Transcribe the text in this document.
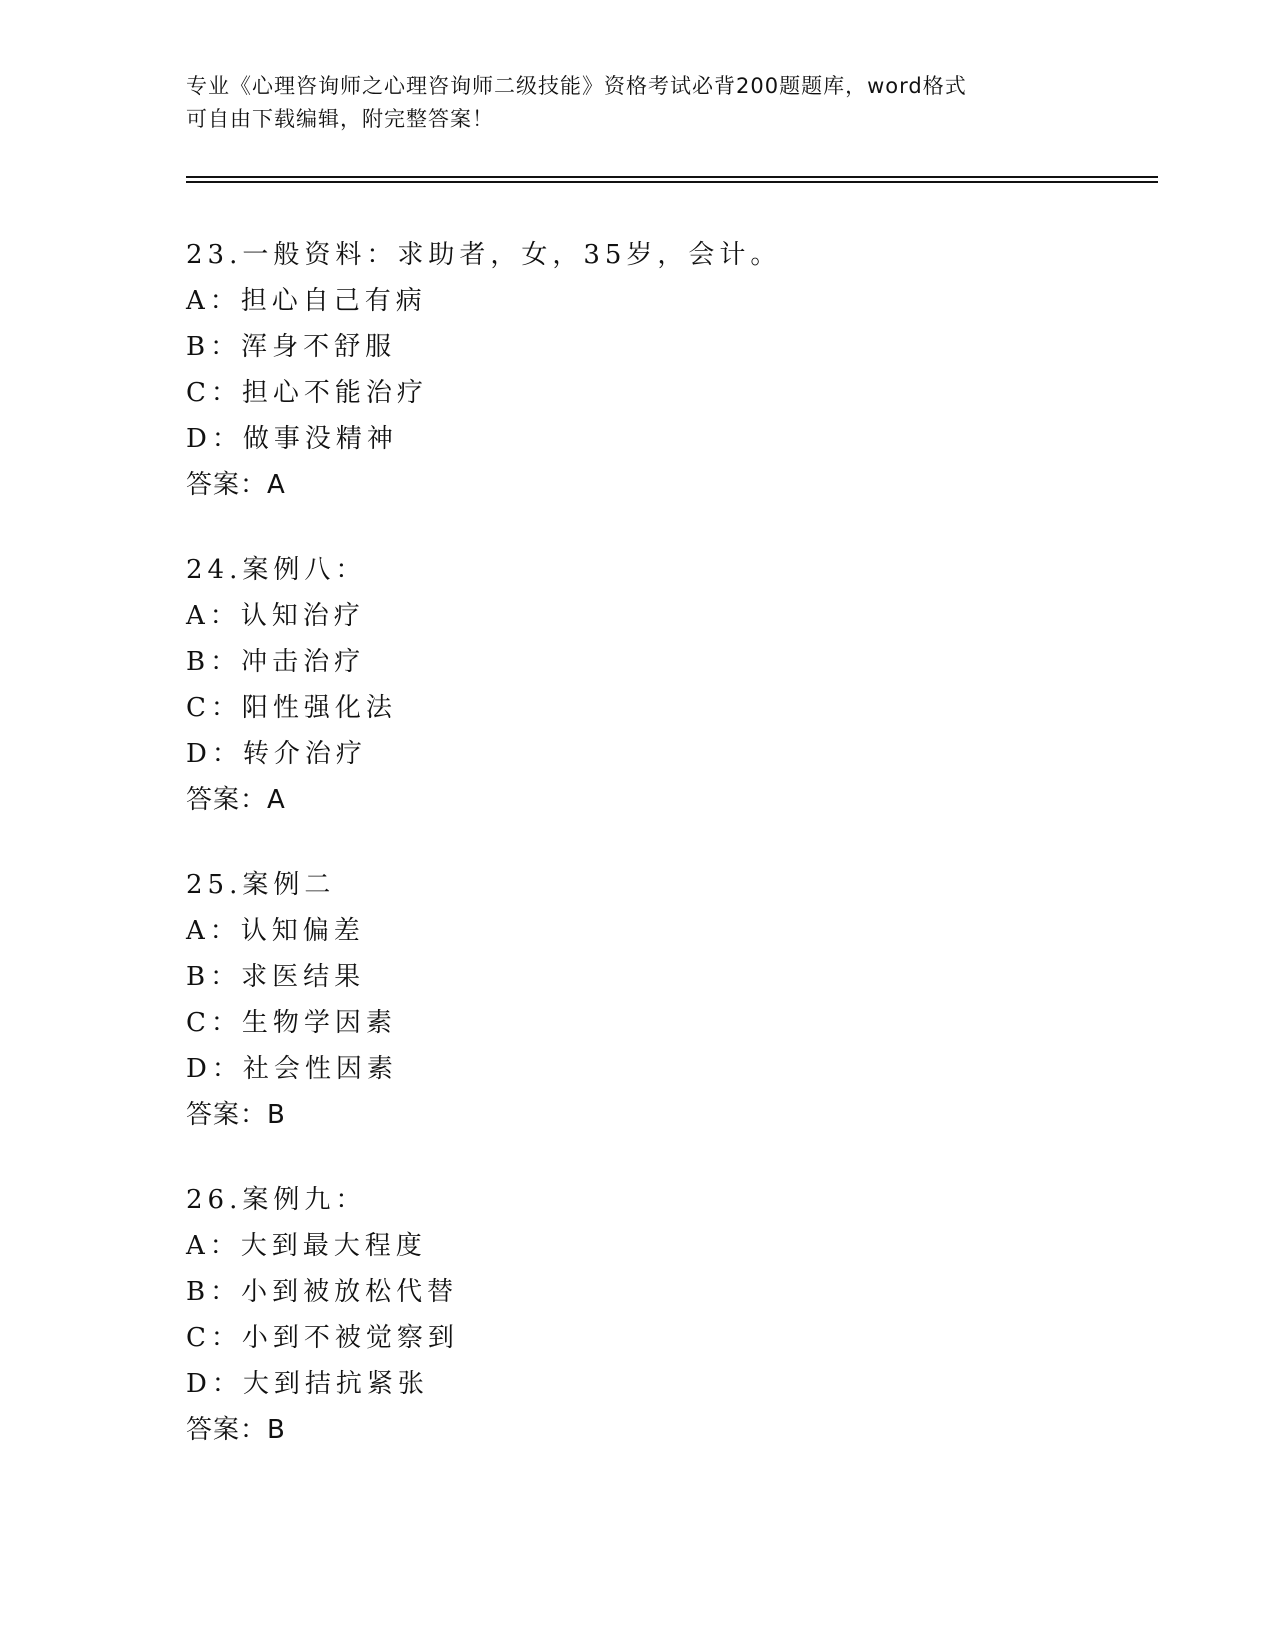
专业《心理咨询师之心理咨询师二级技能》资格考试必背200题题库，word格式
可自由下载编辑，附完整答案！
23.一般资料：求助者，女，35岁，会计。
A：担心自己有病
B：浑身不舒服
C：担心不能治疗
D：做事没精神
答案：A
24.案例八：
A：认知治疗
B：冲击治疗
C：阳性强化法
D：转介治疗
答案：A
25.案例二
A：认知偏差
B：求医结果
C：生物学因素
D：社会性因素
答案：B
26.案例九：
A：大到最大程度
B：小到被放松代替
C：小到不被觉察到
D：大到拮抗紧张
答案：B
